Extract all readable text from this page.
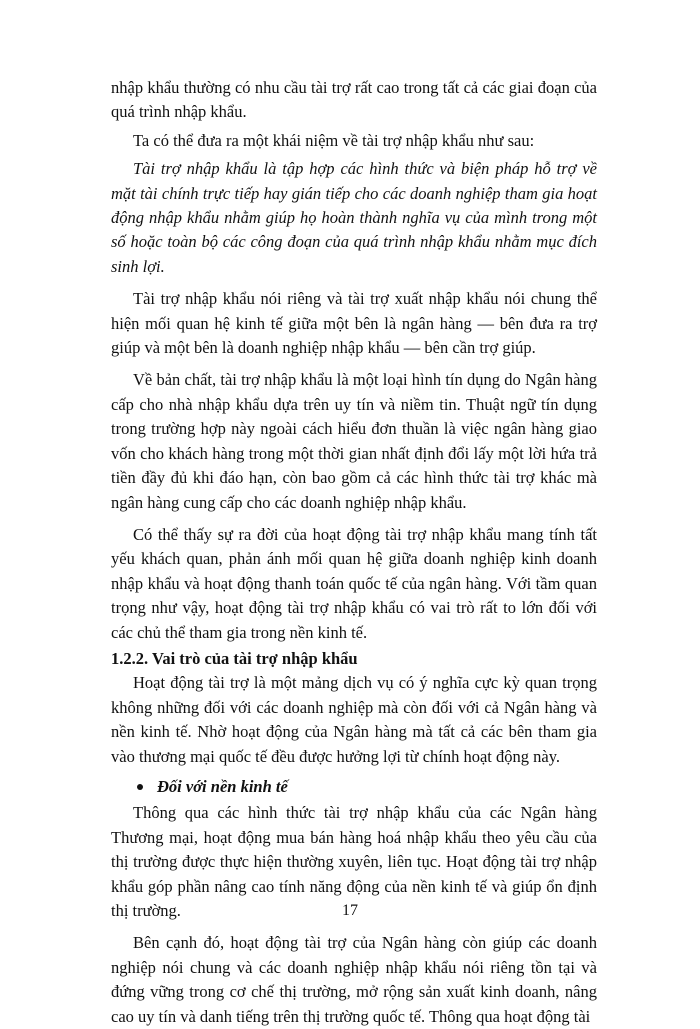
nhập khẩu thường có nhu cầu tài trợ rất cao trong tất cả các giai đoạn của quá trình nhập khẩu.

Ta có thể đưa ra một khái niệm về tài trợ nhập khẩu như sau:

Tài trợ nhập khẩu là tập hợp các hình thức và biện pháp hỗ trợ về mặt tài chính trực tiếp hay gián tiếp cho các doanh nghiệp tham gia hoạt động nhập khẩu nhằm giúp họ hoàn thành nghĩa vụ của mình trong một số hoặc toàn bộ các công đoạn của quá trình nhập khẩu nhằm mục đích sinh lợi.

Tài trợ nhập khẩu nói riêng và tài trợ xuất nhập khẩu nói chung thể hiện mối quan hệ kinh tế giữa một bên là ngân hàng — bên đưa ra trợ giúp và một bên là doanh nghiệp nhập khẩu — bên cần trợ giúp.

Về bản chất, tài trợ nhập khẩu là một loại hình tín dụng do Ngân hàng cấp cho nhà nhập khẩu dựa trên uy tín và niềm tin. Thuật ngữ tín dụng trong trường hợp này ngoài cách hiểu đơn thuần là việc ngân hàng giao vốn cho khách hàng trong một thời gian nhất định đổi lấy một lời hứa trả tiền đầy đủ khi đáo hạn, còn bao gồm cả các hình thức tài trợ khác mà ngân hàng cung cấp cho các doanh nghiệp nhập khẩu.

Có thể thấy sự ra đời của hoạt động tài trợ nhập khẩu mang tính tất yếu khách quan, phản ánh mối quan hệ giữa doanh nghiệp kinh doanh nhập khẩu và hoạt động thanh toán quốc tế của ngân hàng. Với tầm quan trọng như vậy, hoạt động tài trợ nhập khẩu có vai trò rất to lớn đối với các chủ thể tham gia trong nền kinh tế.

1.2.2. Vai trò của tài trợ nhập khẩu

Hoạt động tài trợ là một mảng dịch vụ có ý nghĩa cực kỳ quan trọng không những đối với các doanh nghiệp mà còn đối với cả Ngân hàng và nền kinh tế. Nhờ hoạt động của Ngân hàng mà tất cả các bên tham gia vào thương mại quốc tế đều được hưởng lợi từ chính hoạt động này.

Đối với nền kinh tế

Thông qua các hình thức tài trợ nhập khẩu của các Ngân hàng Thương mại, hoạt động mua bán hàng hoá nhập khẩu theo yêu cầu của thị trường được thực hiện thường xuyên, liên tục. Hoạt động tài trợ nhập khẩu góp phần nâng cao tính năng động của nền kinh tế và giúp ổn định thị trường.

Bên cạnh đó, hoạt động tài trợ của Ngân hàng còn giúp các doanh nghiệp nói chung và các doanh nghiệp nhập khẩu nói riêng tồn tại và đứng vững trong cơ chế thị trường, mở rộng sản xuất kinh doanh, nâng cao uy tín và danh tiếng trên thị trường quốc tế. Thông qua hoạt động tài

17
